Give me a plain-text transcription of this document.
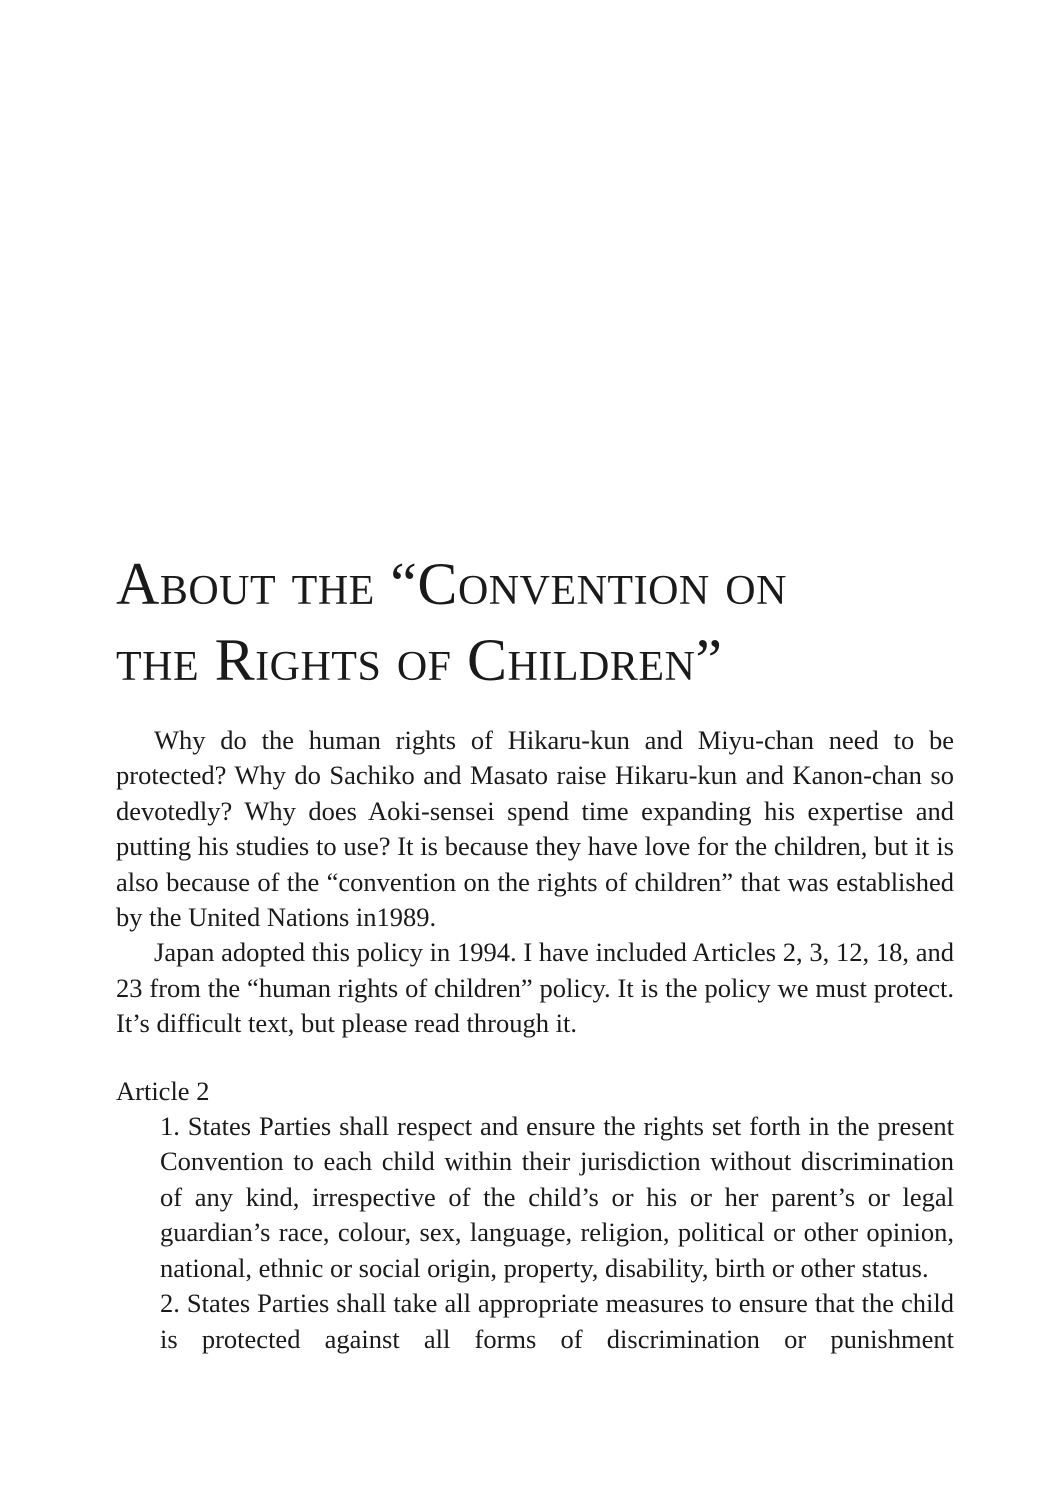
About the “Convention on
the Rights of Children”

Why do the human rights of Hikaru-kun and Miyu-chan need to be protected? Why do Sachiko and Masato raise Hikaru-kun and Kanon-chan so devotedly? Why does Aoki-sensei spend time expanding his expertise and putting his studies to use? It is because they have love for the children, but it is also because of the “convention on the rights of children” that was established by the United Nations in1989.

Japan adopted this policy in 1994. I have included Articles 2, 3, 12, 18, and 23 from the “human rights of children” policy. It is the policy we must protect. It’s difficult text, but please read through it.

Article 2

1. States Parties shall respect and ensure the rights set forth in the present Convention to each child within their jurisdiction without discrimination of any kind, irrespective of the child’s or his or her parent’s or legal guardian’s race, colour, sex, language, religion, political or other opinion, national, ethnic or social origin, property, disability, birth or other status.

2. States Parties shall take all appropriate measures to ensure that the child is protected against all forms of discrimination or punishment
